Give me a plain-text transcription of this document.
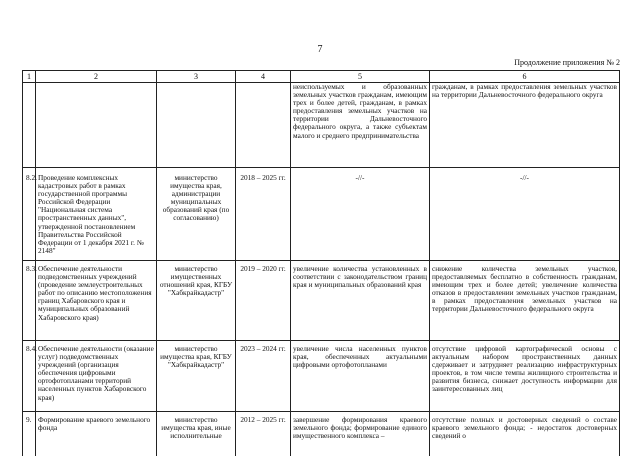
7
Продолжение приложения № 2
1	2	3	4	5	6
				неиспользуемых и образованных земельных участков гражданам, имеющим трех и более детей, гражданам, в рамках предоставления земельных участков на территории Дальневосточного федерального округа, а также субъектам малого и среднего предпринимательства	гражданам, в рамках предоставления земельных участков на территории Дальневосточного федерального округа
8.2.	Проведение комплексных кадастровых работ в рамках государственной программы Российской Федерации "Национальная система пространственных данных", утвержденной постановлением Правительства Российской Федерации от 1 декабря 2021 г. № 2148"	министерство имущества края, администрации муниципальных образований края (по согласованию)	2018 – 2025 гг.	-//-	-//-
8.3.	Обеспечение деятельности подведомственных учреждений (проведение землеустроительных работ по описанию местоположения границ Хабаровского края и муниципальных образований Хабаровского края)	министерство имущественных отношений края, КГБУ "Хабкрайкадастр"	2019 – 2020 гг.	увеличение количества установленных в соответствии с законодательством границ края и муниципальных образований края	снижение количества земельных участков, предоставляемых бесплатно в собственность гражданам, имеющим трех и более детей; увеличение количества отказов в предоставлении земельных участков гражданам, в рамках предоставления земельных участков на территории Дальневосточного федерального округа
8.4.	Обеспечение деятельности (оказание услуг) подведомственных учреждений (организация обеспечения цифровыми ортофотопланами территорий населенных пунктов Хабаровского края)	министерство имущества края, КГБУ "Хабкрайкадастр"	2023 – 2024 гг.	увеличение числа населенных пунктов края, обеспеченных актуальными цифровыми ортофотопланами	отсутствие цифровой картографической основы с актуальным набором пространственных данных сдерживает и затрудняет реализацию инфраструктурных проектов, в том числе темпы жилищного строительства и развития бизнеса, снижает доступность информации для заинтересованных лиц
9.	Формирование краевого земельного фонда	министерство имущества края, иные исполнительные	2012 – 2025 гг.	завершение формирования краевого земельного фонда; формирование единого имущественного комплекса –	отсутствие полных и достоверных сведений о составе краевого земельного фонда; - недостаток достоверных сведений о
